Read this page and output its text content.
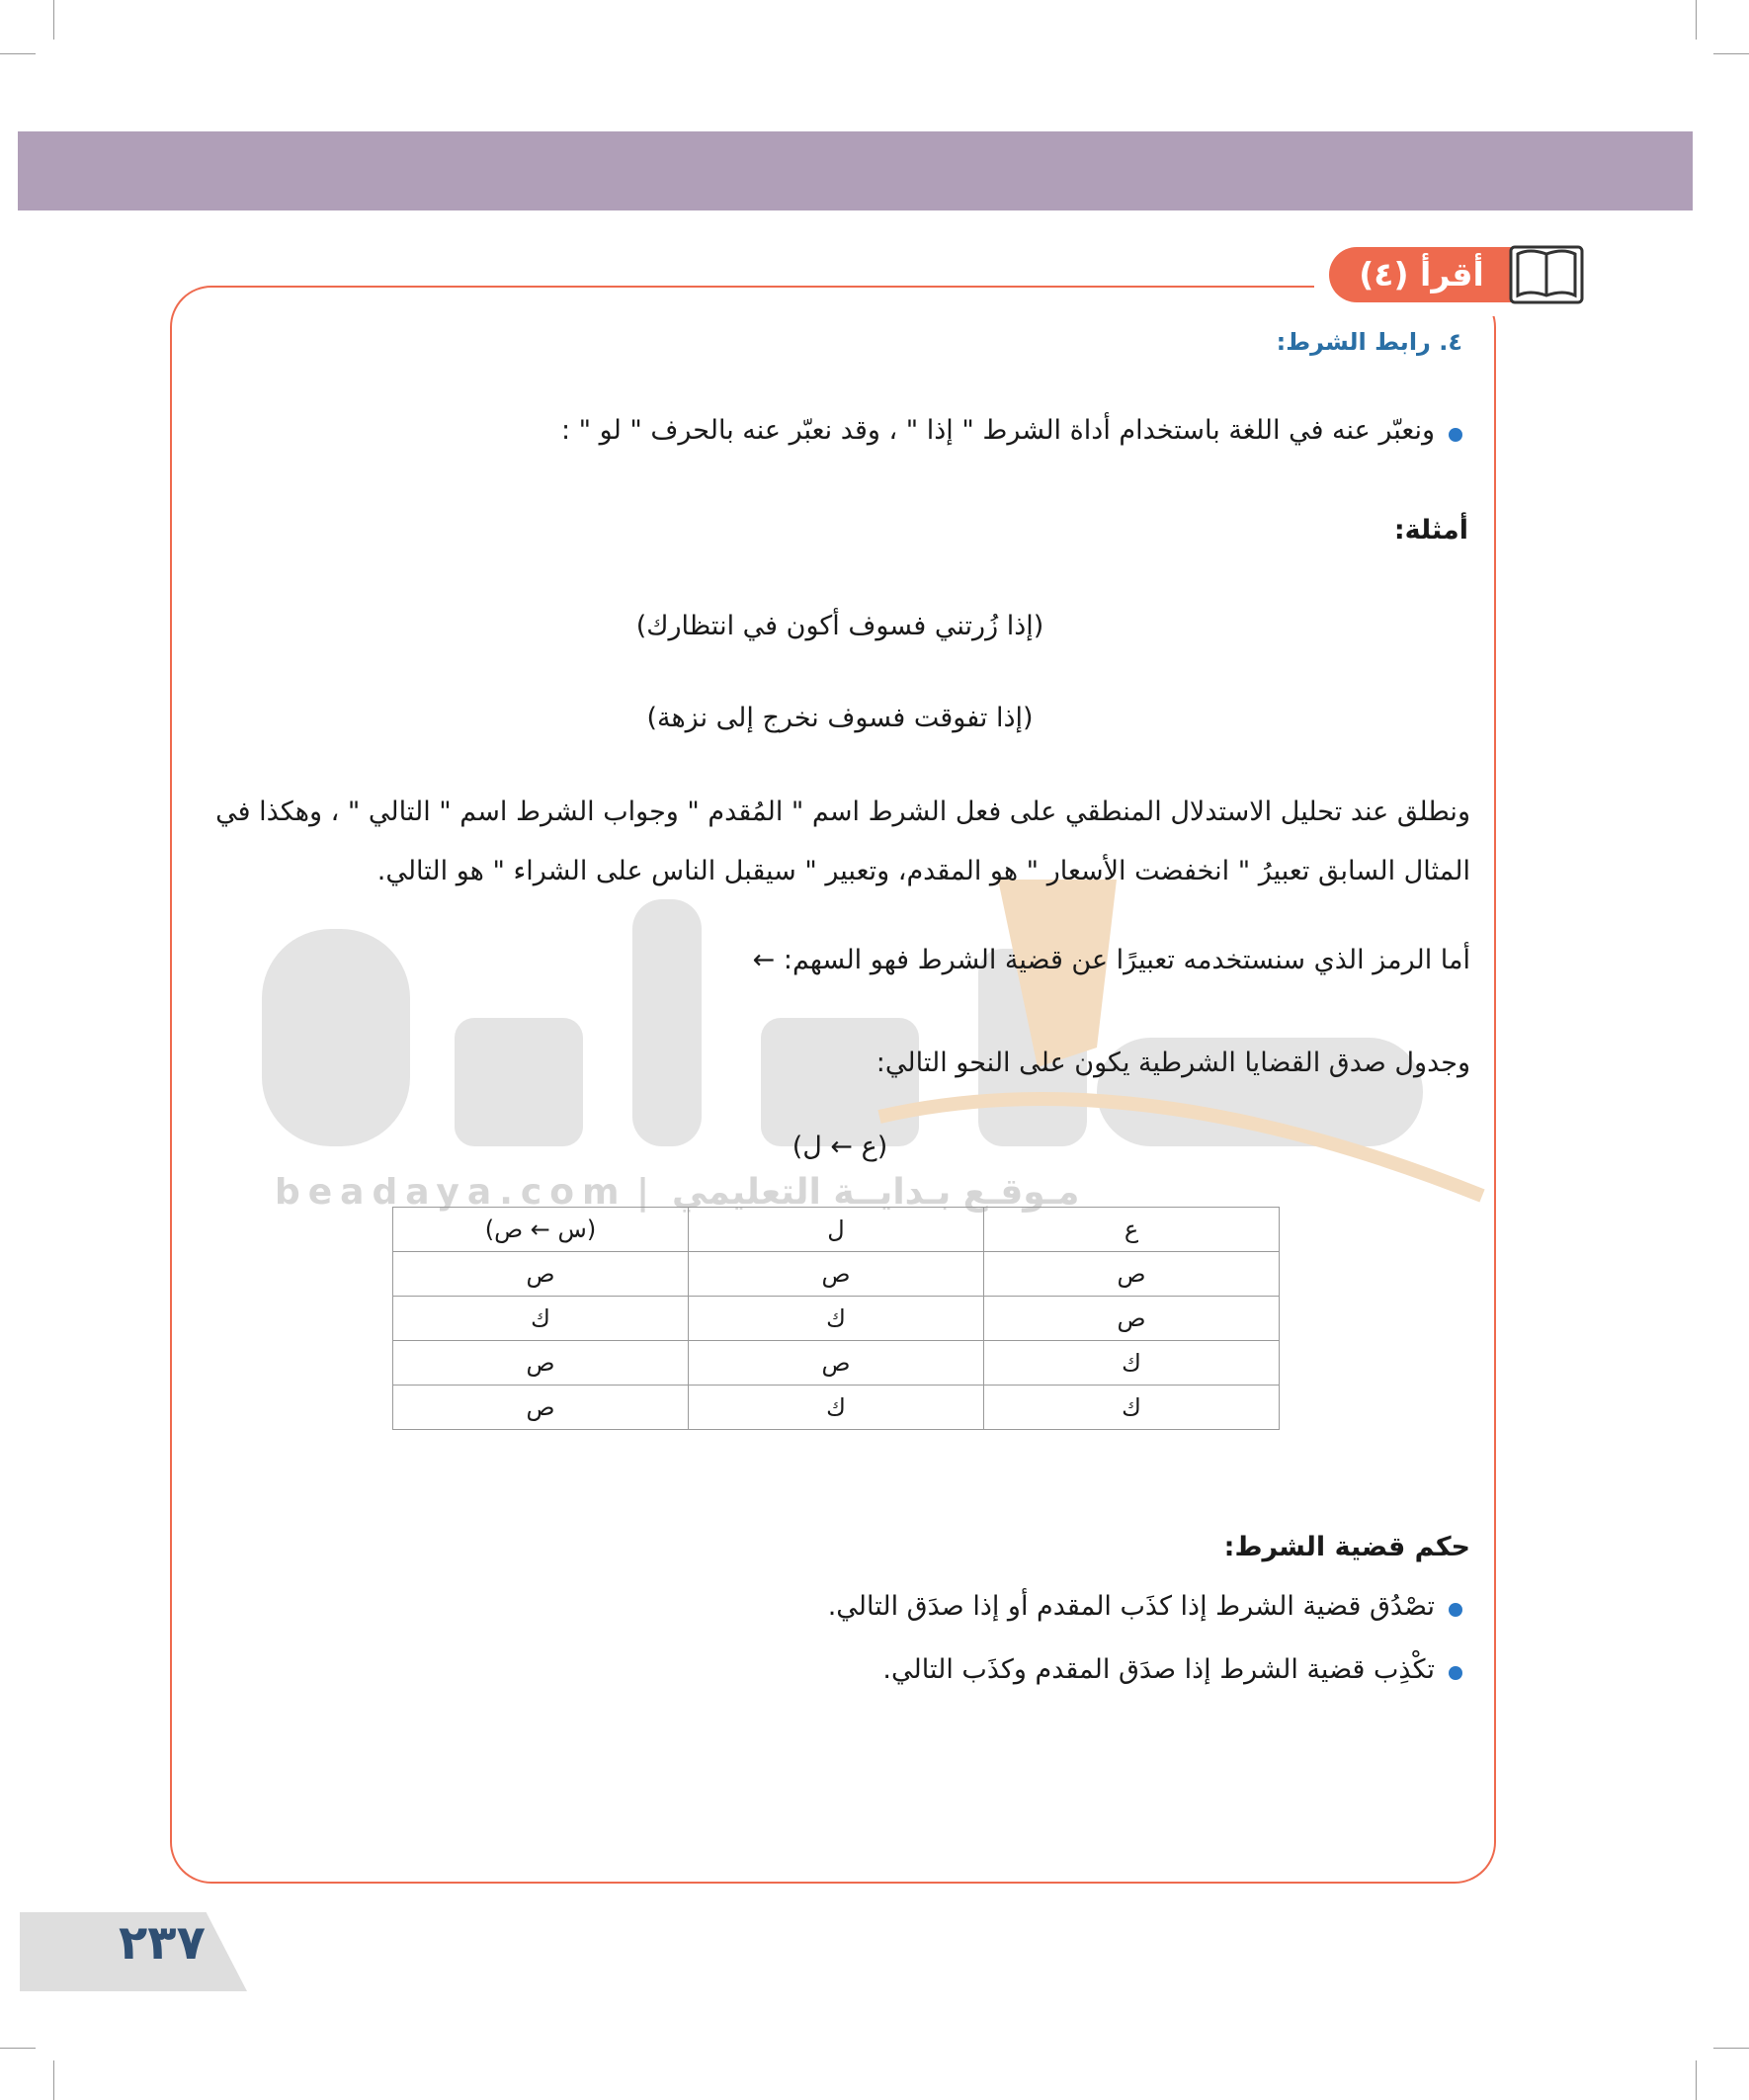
beadaya.com | مـوقـع بـدايــة التعليمي
أقرأ (٤)
٤. رابط الشرط:
ونعبّر عنه في اللغة باستخدام أداة الشرط " إذا " ، وقد نعبّر عنه بالحرف " لو " :
أمثلة:
(إذا زُرتني فسوف أكون في انتظارك)
(إذا تفوقت فسوف نخرج إلى نزهة)
ونطلق عند تحليل الاستدلال المنطقي على فعل الشرط اسم " المُقدم " وجواب الشرط اسم " التالي " ، وهكذا في
المثال السابق تعبيرُ " انخفضت الأسعار " هو المقدم، وتعبير " سيقبل الناس على الشراء " هو التالي.
أما الرمز الذي سنستخدمه تعبيرًا عن قضية الشرط فهو السهم: ←
وجدول صدق القضايا الشرطية يكون على النحو التالي:
(ع ← ل)
ع	ل	(س ← ص)
ص	ص	ص
ص	ك	ك
ك	ص	ص
ك	ك	ص
حكم قضية الشرط:
تصْدُق قضية الشرط إذا كذَب المقدم أو إذا صدَق التالي.
تكْذِب قضية الشرط إذا صدَق المقدم وكذَب التالي.
٢٣٧
